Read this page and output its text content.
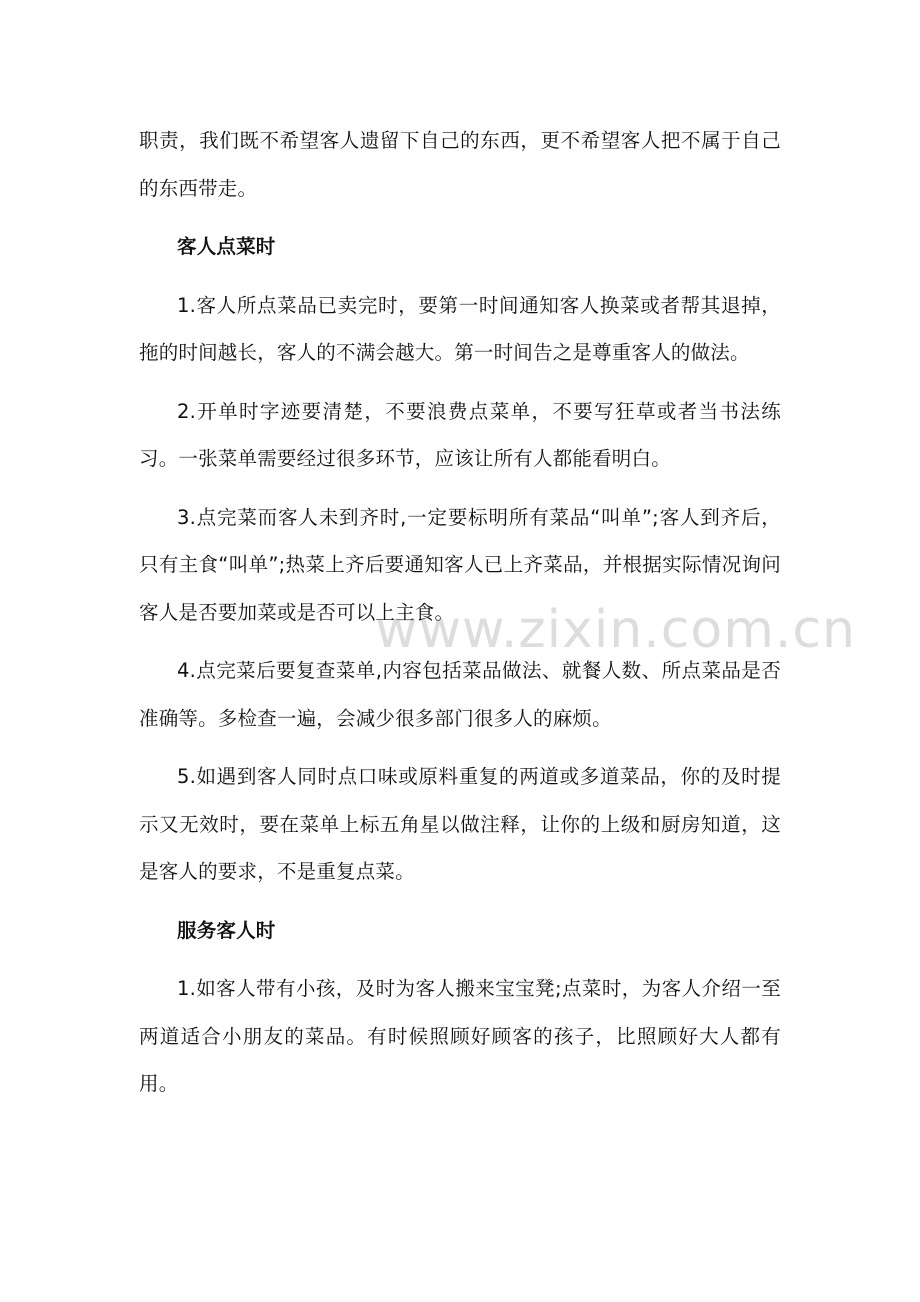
职责，我们既不希望客人遗留下自己的东西，更不希望客人把不属于自己的东西带走。

客人点菜时

1.客人所点菜品已卖完时，要第一时间通知客人换菜或者帮其退掉，拖的时间越长，客人的不满会越大。第一时间告之是尊重客人的做法。

2.开单时字迹要清楚，不要浪费点菜单，不要写狂草或者当书法练习。一张菜单需要经过很多环节，应该让所有人都能看明白。

3.点完菜而客人未到齐时,一定要标明所有菜品“叫单”;客人到齐后，只有主食“叫单”;热菜上齐后要通知客人已上齐菜品，并根据实际情况询问客人是否要加菜或是否可以上主食。

4.点完菜后要复查菜单,内容包括菜品做法、就餐人数、所点菜品是否准确等。多检查一遍，会减少很多部门很多人的麻烦。

5.如遇到客人同时点口味或原料重复的两道或多道菜品，你的及时提示又无效时，要在菜单上标五角星以做注释，让你的上级和厨房知道，这是客人的要求，不是重复点菜。

服务客人时

1.如客人带有小孩，及时为客人搬来宝宝凳;点菜时，为客人介绍一至两道适合小朋友的菜品。有时候照顾好顾客的孩子，比照顾好大人都有用。

www.zixin.com.cn
